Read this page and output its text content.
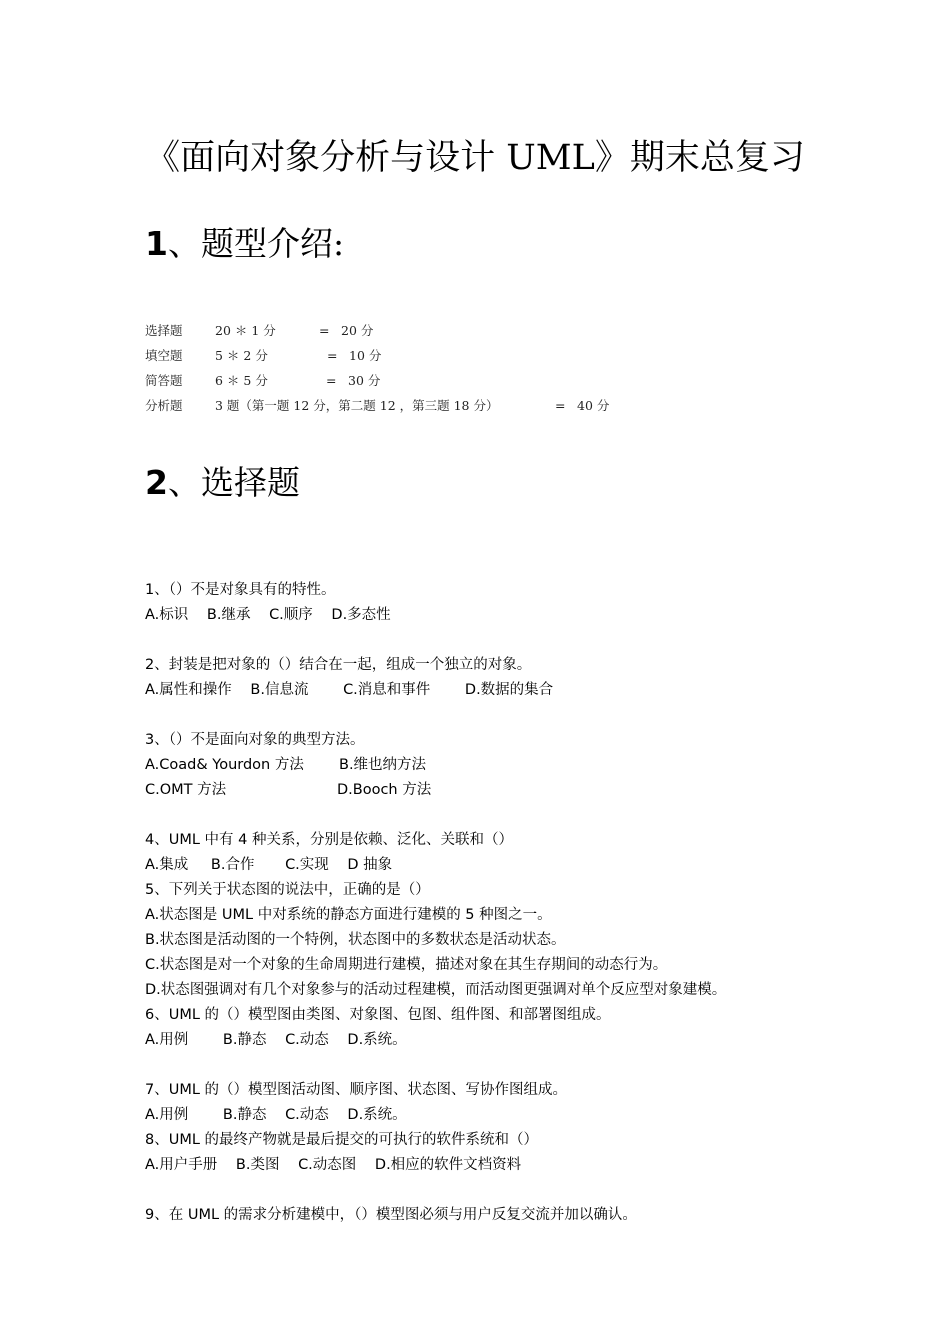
《面向对象分析与设计 UML》期末总复习
1、题型介绍:
选择题	20 ＊ 1 分	= 20 分
填空题	5 ＊ 2 分	= 10 分
简答题	6 ＊ 5 分	= 30 分
分析题	3 题（第一题 12 分，第二题 12 ，第三题 18 分）	= 40 分
2、选择题
1、（）不是对象具有的特性。
A.标识 B.继承 C.顺序 D.多态性
2、封装是把对象的（）结合在一起，组成一个独立的对象。
A.属性和操作 B.信息流 C.消息和事件 D.数据的集合
3、（）不是面向对象的典型方法。
A.Coad& Yourdon 方法 B.维也纳方法
C.OMT 方法	D.Booch 方法
4、UML 中有 4 种关系，分别是依赖、泛化、关联和（）
A.集成 B.合作 C.实现 D 抽象
5、下列关于状态图的说法中，正确的是（）
A.状态图是 UML 中对系统的静态方面进行建模的 5 种图之一。
B.状态图是活动图的一个特例，状态图中的多数状态是活动状态。
C.状态图是对一个对象的生命周期进行建模，描述对象在其生存期间的动态行为。
D.状态图强调对有几个对象参与的活动过程建模，而活动图更强调对单个反应型对象建模。
6、UML 的（）模型图由类图、对象图、包图、组件图、和部署图组成。
A.用例 B.静态 C.动态 D.系统。
7、UML 的（）模型图活动图、顺序图、状态图、写协作图组成。
A.用例 B.静态 C.动态 D.系统。
8、UML 的最终产物就是最后提交的可执行的软件系统和（）
A.用户手册 B.类图 C.动态图 D.相应的软件文档资料
9、在 UML 的需求分析建模中，（）模型图必须与用户反复交流并加以确认。
